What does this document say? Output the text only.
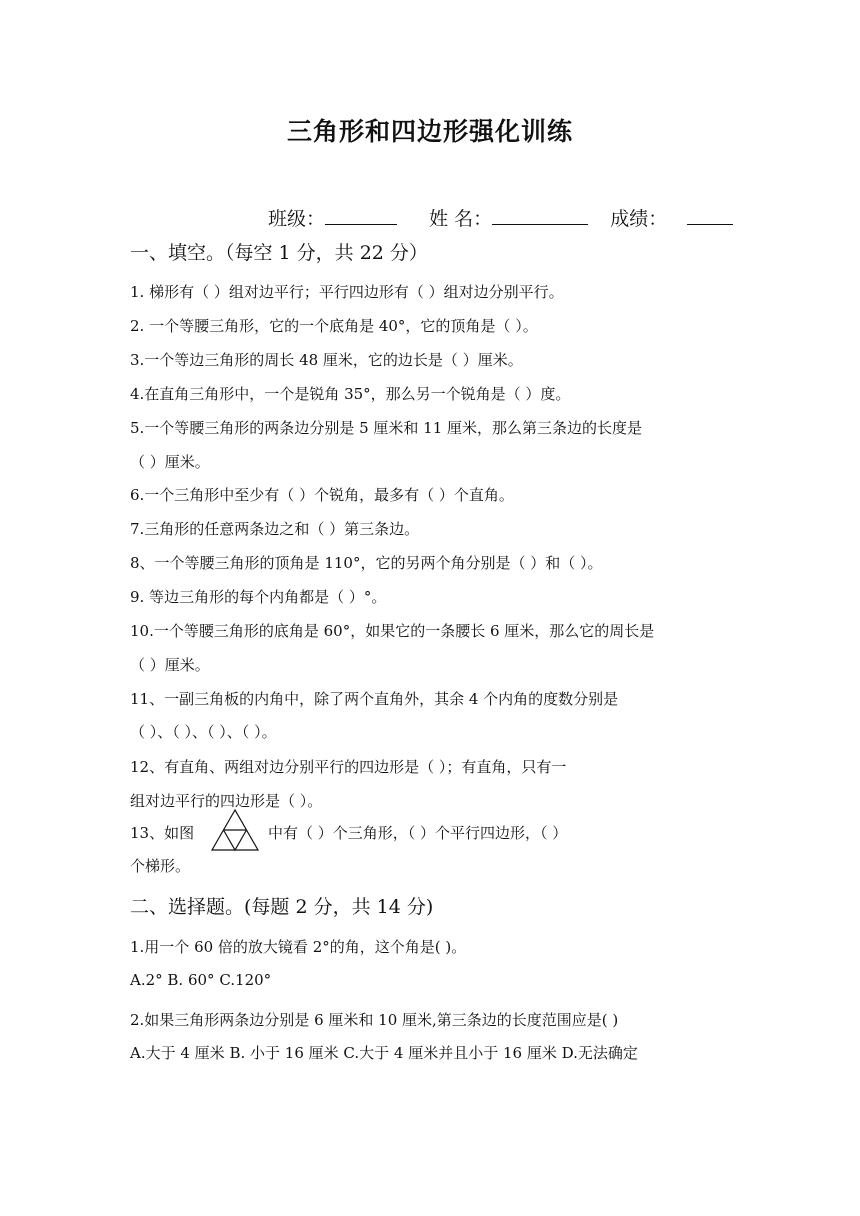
三角形和四边形强化训练
班级：	姓 名：	成绩：
一、填空。（每空 1 分，共 22 分）
1. 梯形有（ ）组对边平行；平行四边形有（ ）组对边分别平行。
2. 一个等腰三角形，它的一个底角是 40°，它的顶角是（ ）。
3.一个等边三角形的周长 48 厘米，它的边长是（ ）厘米。
4.在直角三角形中，一个是锐角 35°，那么另一个锐角是（ ）度。
5.一个等腰三角形的两条边分别是 5 厘米和 11 厘米，那么第三条边的长度是
（ ）厘米。
6.一个三角形中至少有（ ）个锐角，最多有（ ）个直角。
7.三角形的任意两条边之和（ ）第三条边。
8、一个等腰三角形的顶角是 110°，它的另两个角分别是（ ）和（ ）。
9. 等边三角形的每个内角都是（ ）°。
10.一个等腰三角形的底角是 60°，如果它的一条腰长 6 厘米，那么它的周长是
（ ）厘米。
11、一副三角板的内角中，除了两个直角外，其余 4 个内角的度数分别是
（ ）、（ ）、（ ）、（ ）。
12、有直角、两组对边分别平行的四边形是（ ）；有直角，只有一
组对边平行的四边形是（ ）。
13、如图	中有（ ）个三角形，（ ）个平行四边形，（ ）
个梯形。
二、选择题。(每题 2 分，共 14 分)
1.用一个 60 倍的放大镜看 2°的角，这个角是( )。
A.2° B. 60° C.120°
2.如果三角形两条边分别是 6 厘米和 10 厘米,第三条边的长度范围应是( )
A.大于 4 厘米 B. 小于 16 厘米 C.大于 4 厘米并且小于 16 厘米 D.无法确定
